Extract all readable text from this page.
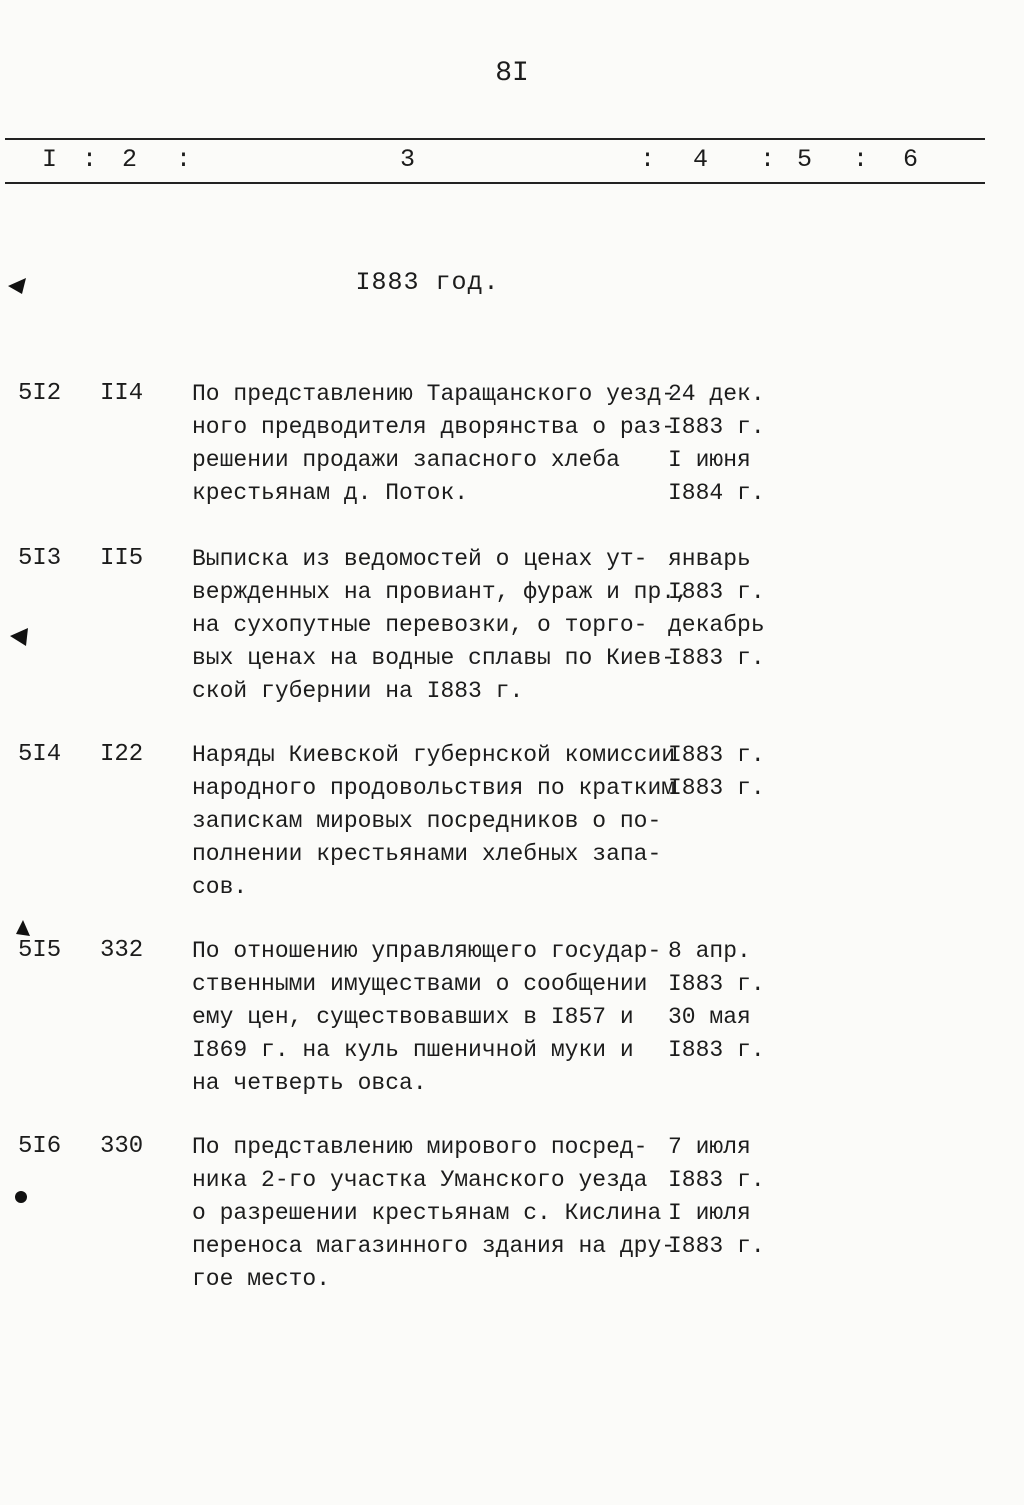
8I
I : 2 :	3	: 4 : 5 : 6
I883 год.
5I2 II4 По представлению Таращанского уезд-
ного предводителя дворянства о раз-
решении продажи запасного хлеба
крестьянам д. Поток.
24 дек.
I883 г.
I июня
I884 г.
5I3 II5 Выписка из ведомостей о ценах ут-
вержденных на провиант, фураж и пр.,
на сухопутные перевозки, о торго-
вых ценах на водные сплавы по Киев-
ской губернии на I883 г.
январь
I883 г.
декабрь
I883 г.
5I4 I22 Наряды Киевской губернской комиссии
народного продовольствия по кратким
запискам мировых посредников о по-
полнении крестьянами хлебных запа-
сов.
I883 г.
I883 г.
5I5 332 По отношению управляющего государ-
ственными имуществами о сообщении
ему цен, существовавших в I857 и
I869 г. на куль пшеничной муки и
на четверть овса.
8 апр.
I883 г.
30 мая
I883 г.
5I6 330 По представлению мирового посред-
ника 2-го участка Уманского уезда
о разрешении крестьянам с. Кислина
переноса магазинного здания на дру-
гое место.
7 июля
I883 г.
I июля
I883 г.
